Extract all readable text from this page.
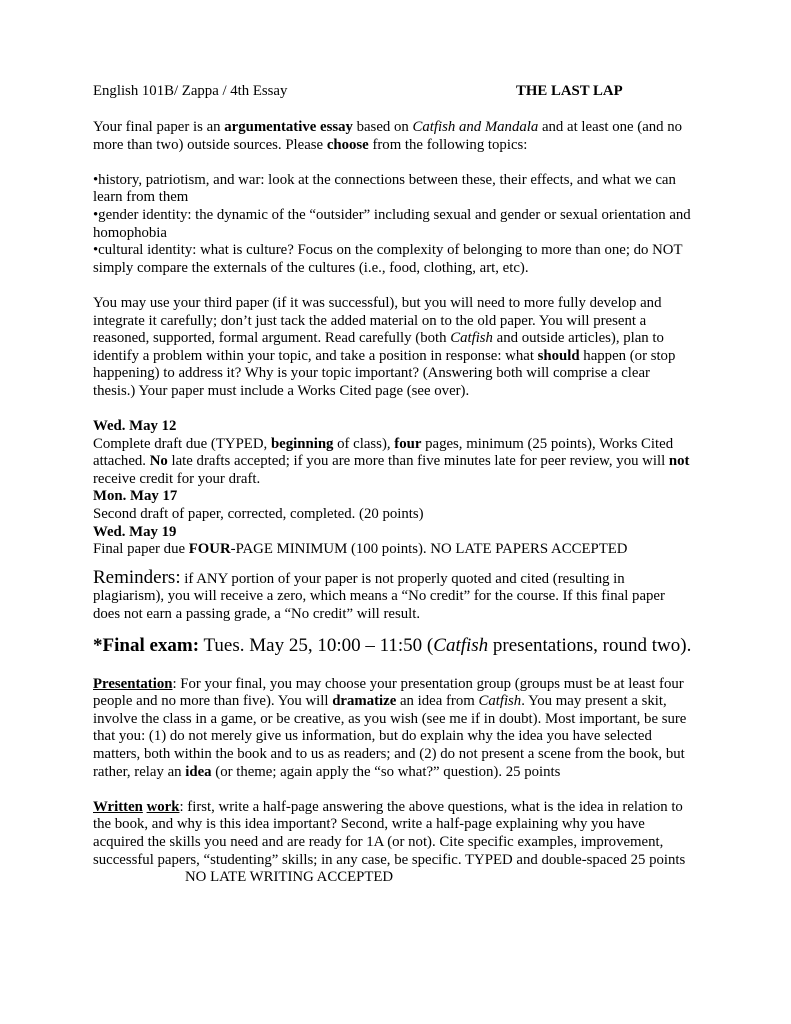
English 101B/ Zappa / 4th Essay	THE LAST LAP

Your final paper is an argumentative essay based on Catfish and Mandala and at least one (and no more than two) outside sources. Please choose from the following topics:

•history, patriotism, and war: look at the connections between these, their effects, and what we can learn from them

•gender identity: the dynamic of the “outsider” including sexual and gender or sexual orientation and homophobia

•cultural identity: what is culture? Focus on the complexity of belonging to more than one; do NOT simply compare the externals of the cultures (i.e., food, clothing, art, etc).

You may use your third paper (if it was successful), but you will need to more fully develop and integrate it carefully; don’t just tack the added material on to the old paper. You will present a reasoned, supported, formal argument. Read carefully (both Catfish and outside articles), plan to identify a problem within your topic, and take a position in response: what should happen (or stop happening) to address it? Why is your topic important? (Answering both will comprise a clear thesis.) Your paper must include a Works Cited page (see over).

Wed. May 12

Complete draft due (TYPED, beginning of class), four pages, minimum (25 points), Works Cited attached. No late drafts accepted; if you are more than five minutes late for peer review, you will not receive credit for your draft.

Mon. May 17

Second draft of paper, corrected, completed. (20 points)

Wed. May 19

Final paper due FOUR-PAGE MINIMUM (100 points). NO LATE PAPERS ACCEPTED

Reminders: if ANY portion of your paper is not properly quoted and cited (resulting in plagiarism), you will receive a zero, which means a “No credit” for the course. If this final paper does not earn a passing grade, a “No credit” will result.

*Final exam: Tues. May 25, 10:00 – 11:50 (Catfish presentations, round two).

Presentation: For your final, you may choose your presentation group (groups must be at least four people and no more than five). You will dramatize an idea from Catfish. You may present a skit, involve the class in a game, or be creative, as you wish (see me if in doubt). Most important, be sure that you: (1) do not merely give us information, but do explain why the idea you have selected matters, both within the book and to us as readers; and (2) do not present a scene from the book, but rather, relay an idea (or theme; again apply the “so what?” question). 25 points

Written work: first, write a half-page answering the above questions, what is the idea in relation to the book, and why is this idea important? Second, write a half-page explaining why you have acquired the skills you need and are ready for 1A (or not). Cite specific examples, improvement, successful papers, “studenting” skills; in any case, be specific. TYPED and double-spaced 25 pointsNO LATE WRITING ACCEPTED
